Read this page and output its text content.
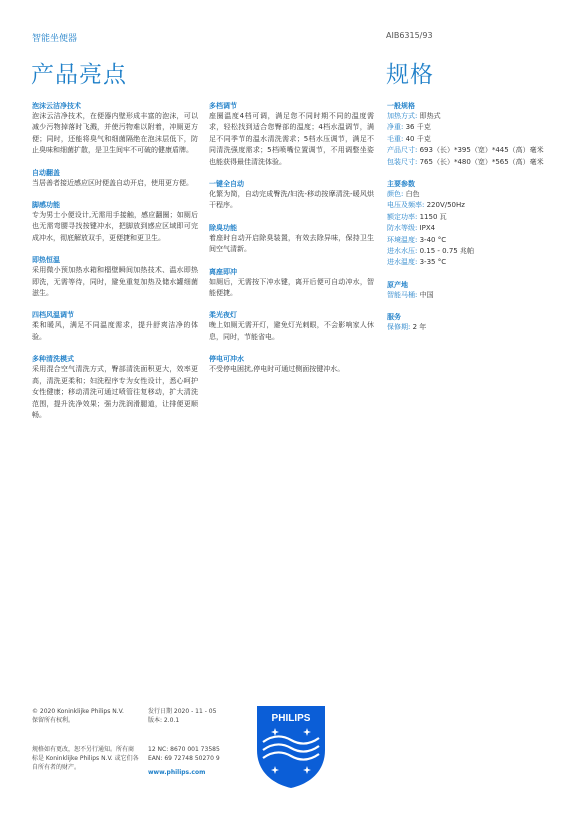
智能坐便器	AIB6315/93
产品亮点	规格
泡沫云洁净技术
泡沫云洁净技术，在便器内壁形成丰富的泡沫，可以减少污物掉落时飞溅，并使污物难以附着，冲厕更方便；同时，还能将臭气和细菌隔绝在泡沫层低下，防止臭味和细菌扩散，是卫生间牢不可破的健康盾牌。
自动翻盖
当居善者接近感应区时便盖自动开启，使用更方便。
脚感功能
专为男士小便设计,无需用手接触，感应翻圈；如厕后也无需弯腰寻找按键冲水，把脚放到感应区域即可完成冲水，彻底解放双手，更便捷和更卫生。
即热恒温
采用微小预加热水箱和榴壁瞬间加热技术、温水即热即洗，无需等待，同时，避免重复加热及储水罐细菌滋生。
四档风温调节
柔和暖风，满足不同温度需求，提升舒爽洁净的体验。
多种清洗模式
采用混合空气清洗方式，臀部清洗面积更大，效率更高，清洗更柔和；妇洗程序专为女性设计，悉心呵护女性健康；移动清洗可通过喷管往复移动，扩大清洗范围，提升洗净效果；强力洗润滑腿道，让排便更顺畅。
多档调节
座圈温度4档可调，满足您不同时期不同的温度需求，轻松找到适合您臀部的温度；4档水温调节，满足不同季节的温水清洗需求；5档水压调节，满足不同清洗强度需求；5档喷嘴位置调节，不用调整坐姿也能获得最佳清洗体验。
一键全自动
化繁为简，自动完成臀洗/妇洗-移动按摩清洗-暖风烘干程序。
除臭功能
着座时自动开启除臭装置，有效去除异味，保持卫生间空气清新。
离座即冲
如厕后，无需按下冲水键，离开后便可自动冲水，智能便捷。
柔光夜灯
晚上如厕无需开灯，避免灯光刺眼，不会影响家人休息，同时，节能省电。
停电可冲水
不受停电困扰,停电时可通过侧面按键冲水。
一般规格
加热方式: 即热式
净重: 36 千克
毛重: 40 千克
产品尺寸: 693（长）*395（宽）*445（高）毫米
包装尺寸: 765（长）*480（宽）*565（高）毫米
主要参数
颜色: 白色
电压及频率: 220V/50Hz
额定功率: 1150 瓦
防水等级: IPX4
环境温度: 3-40 °C
进水水压: 0.15 - 0.75 兆帕
进水温度: 3-35 °C
原产地
智能马桶: 中国
服务
保修期: 2 年
© 2020 Koninklijke Philips N.V.
保留所有权利。
规格如有更改，恕不另行通知。所有商
标是 Koninklijke Philips N.V. 或它们各
自所有者的财产。
发行日期 2020 - 11 - 05
版本: 2.0.1
12 NC: 8670 001 73585
EAN: 69 72748 50270 9
www.philips.com
PHILIPS
